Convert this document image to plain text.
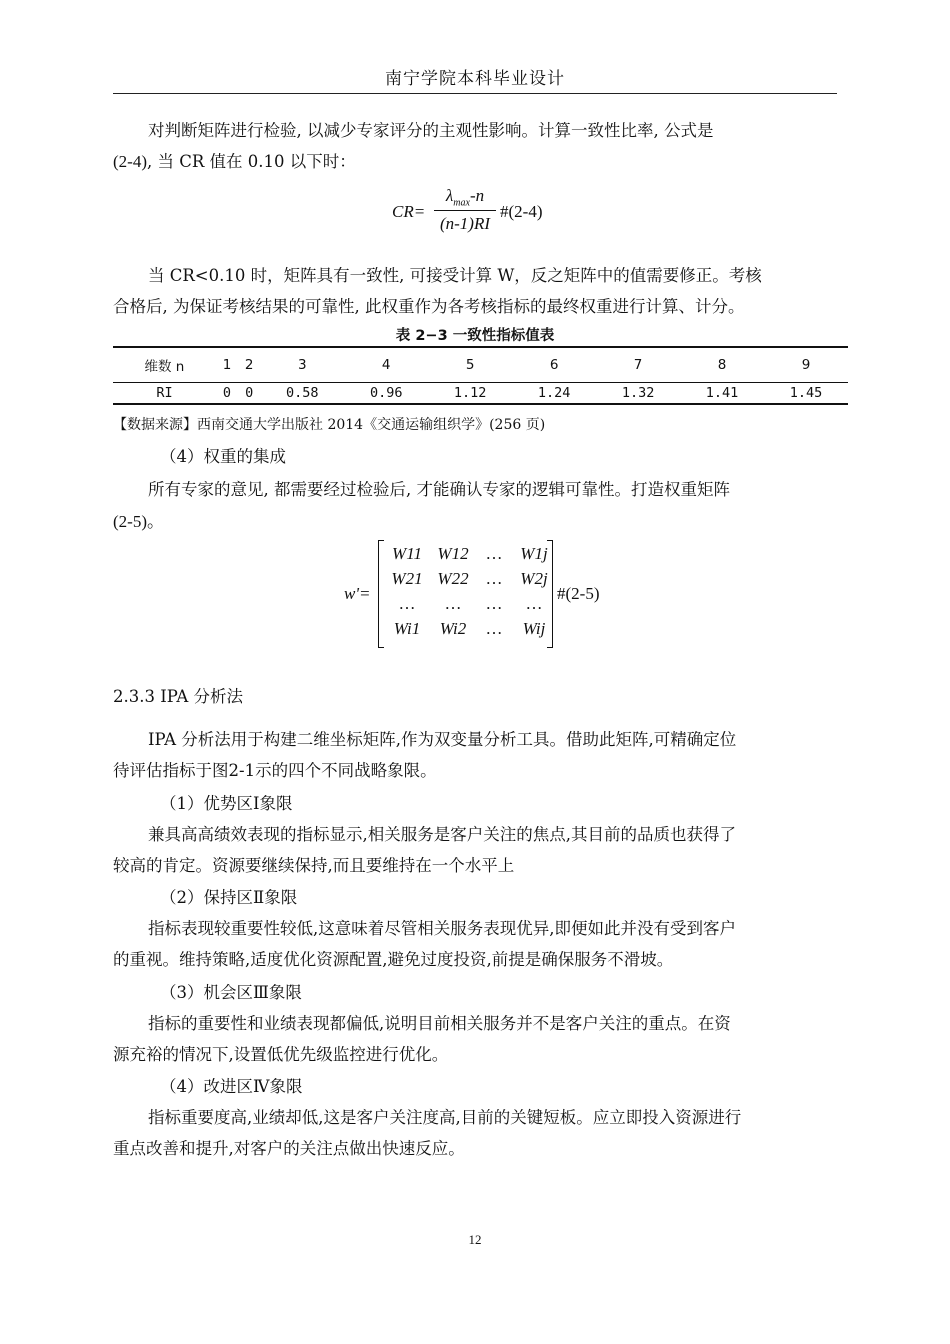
南宁学院本科毕业设计
对判断矩阵进行检验, 以减少专家评分的主观性影响。计算一致性比率, 公式是
(2-4), 当 CR 值在 0.10 以下时：
CR=
$\lambda_{max}-n$
(n-1)RI
#(2-4)
当 CR<0.10 时，矩阵具有一致性, 可接受计算 W，反之矩阵中的值需要修正。考核
合格后, 为保证考核结果的可靠性, 此权重作为各考核指标的最终权重进行计算、计分。
表 2−3 一致性指标值表
维数 n	1	2	3	4	5	6	7	8	9
RI	0	0	0.58	0.96	1.12	1.24	1.32	1.41	1.45
【数据来源】西南交通大学出版社 2014《交通运输组织学》(256 页)
（4）权重的集成
所有专家的意见, 都需要经过检验后, 才能确认专家的逻辑可靠性。打造权重矩阵
(2-5)。
w'=
W11 W12 …	W1j
W21 W22 …	W2j
…	…	…	…
Wi1	Wi2	…	Wij
#(2-5)
2.3.3 IPA 分析法
IPA 分析法用于构建二维坐标矩阵,作为双变量分析工具。借助此矩阵,可精确定位
待评估指标于图2-1示的四个不同战略象限。
（1）优势区Ⅰ象限
兼具高高绩效表现的指标显示,相关服务是客户关注的焦点,其目前的品质也获得了
较高的肯定。资源要继续保持,而且要维持在一个水平上
（2）保持区Ⅱ象限
指标表现较重要性较低,这意味着尽管相关服务表现优异,即便如此并没有受到客户
的重视。维持策略,适度优化资源配置,避免过度投资,前提是确保服务不滑坡。
（3）机会区Ⅲ象限
指标的重要性和业绩表现都偏低,说明目前相关服务并不是客户关注的重点。在资
源充裕的情况下,设置低优先级监控进行优化。
（4）改进区Ⅳ象限
指标重要度高,业绩却低,这是客户关注度高,目前的关键短板。应立即投入资源进行
重点改善和提升,对客户的关注点做出快速反应。
12
